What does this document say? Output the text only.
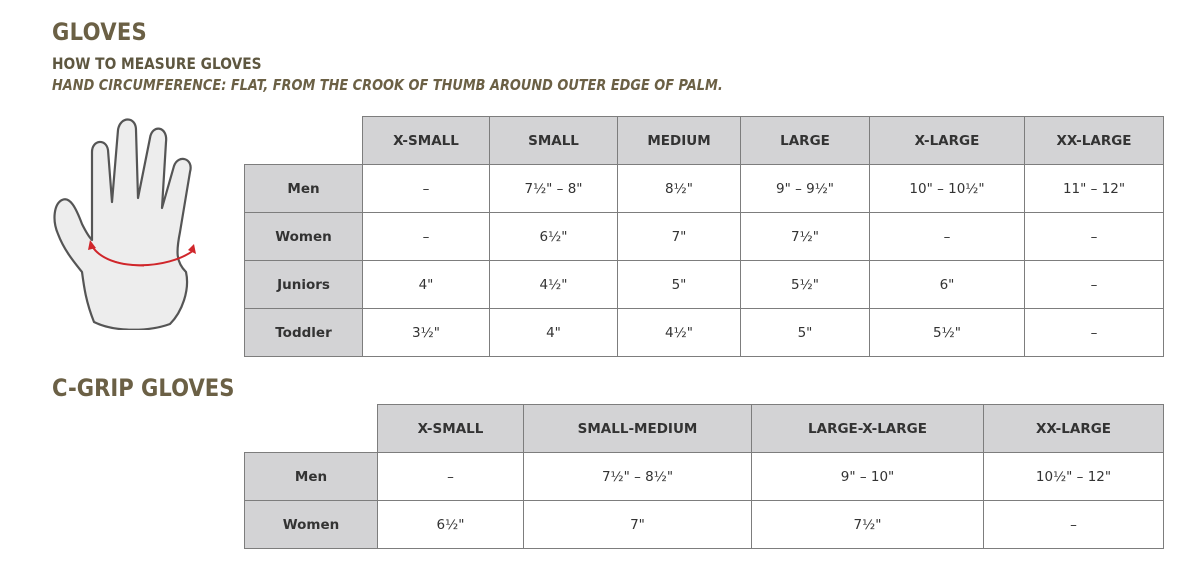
GLOVES
HOW TO MEASURE GLOVES
HAND CIRCUMFERENCE: FLAT, FROM THE CROOK OF THUMB AROUND OUTER EDGE OF PALM.
	X-SMALL	SMALL	MEDIUM	LARGE	X-LARGE	XX-LARGE
Men	–	7½" – 8"	8½"	9" – 9½"	10" – 10½"	11" – 12"
Women	–	6½"	7"	7½"	–	–
Juniors	4"	4½"	5"	5½"	6"	–
Toddler	3½"	4"	4½"	5"	5½"	–
C-GRIP GLOVES
	X-SMALL	SMALL-MEDIUM	LARGE-X-LARGE	XX-LARGE
Men	–	7½" – 8½"	9" – 10"	10½" – 12"
Women	6½"	7"	7½"	–
